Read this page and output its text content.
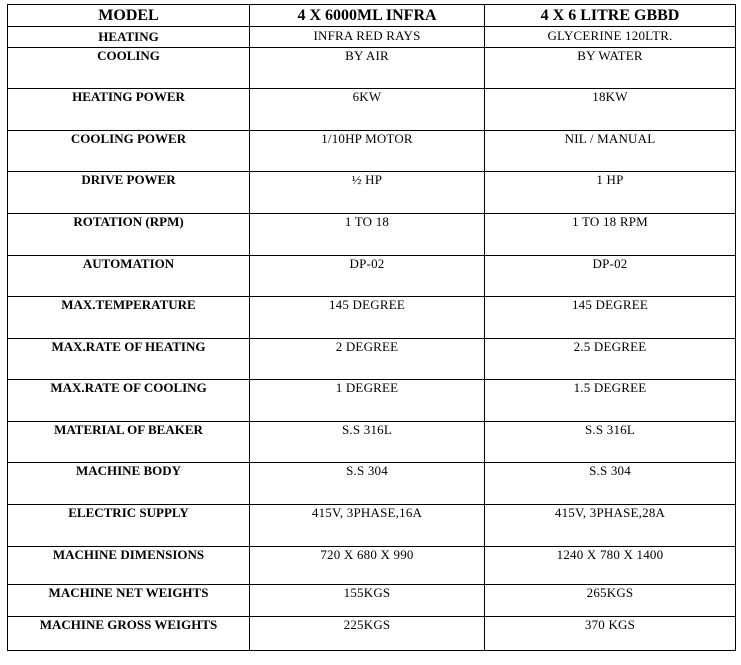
MODEL	4 X 6000ML INFRA	4 X 6 LITRE GBBD
HEATING	INFRA RED RAYS	GLYCERINE 120LTR.
COOLING	BY AIR	BY WATER
HEATING POWER	6KW	18KW
COOLING POWER	1/10HP MOTOR	NIL / MANUAL
DRIVE POWER	½ HP	1 HP
ROTATION (RPM)	1 TO 18	1 TO 18 RPM
AUTOMATION	DP-02	DP-02
MAX.TEMPERATURE	145 DEGREE	145 DEGREE
MAX.RATE OF HEATING	2 DEGREE	2.5 DEGREE
MAX.RATE OF COOLING	1 DEGREE	1.5 DEGREE
MATERIAL OF BEAKER	S.S 316L	S.S 316L
MACHINE BODY	S.S 304	S.S 304
ELECTRIC SUPPLY	415V, 3PHASE,16A	415V, 3PHASE,28A
MACHINE DIMENSIONS	720 X 680 X 990	1240 X 780 X 1400
MACHINE NET WEIGHTS	155KGS	265KGS
MACHINE GROSS WEIGHTS	225KGS	370 KGS
